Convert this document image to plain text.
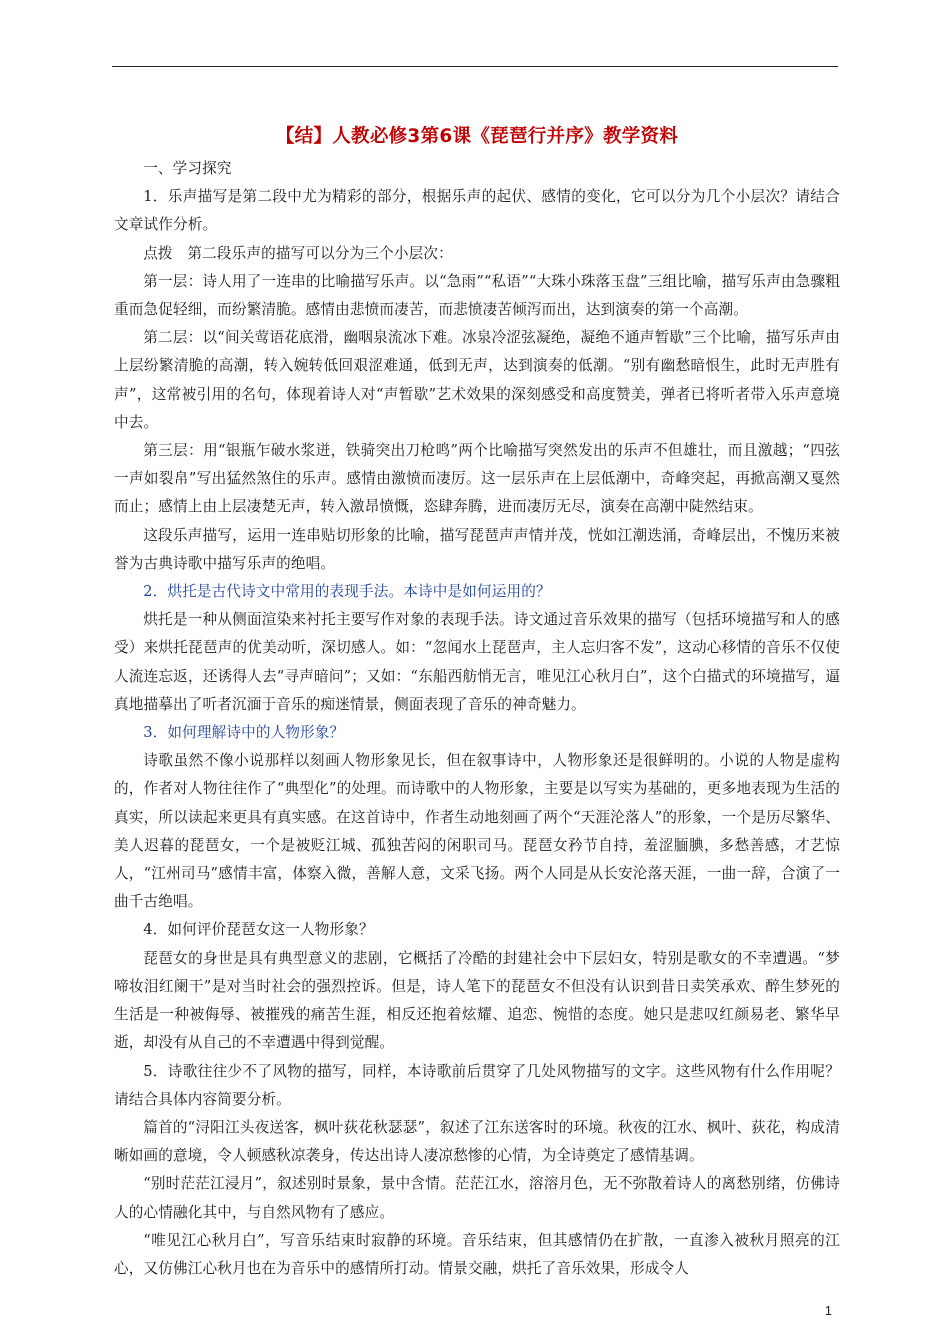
【结】人教必修3第6课《琵琶行并序》教学资料

一、学习探究

1．乐声描写是第二段中尤为精彩的部分，根据乐声的起伏、感情的变化，它可以分为几个小层次？请结合文章试作分析。

点拨　第二段乐声的描写可以分为三个小层次：

第一层：诗人用了一连串的比喻描写乐声。以“急雨”“私语”“大珠小珠落玉盘”三组比喻，描写乐声由急骤粗重而急促轻细，而纷繁清脆。感情由悲愤而凄苦，而悲愤凄苦倾泻而出，达到演奏的第一个高潮。

第二层：以“间关莺语花底滑，幽咽泉流冰下难。冰泉冷涩弦凝绝，凝绝不通声暂歇”三个比喻，描写乐声由上层纷繁清脆的高潮，转入婉转低回艰涩难通，低到无声，达到演奏的低潮。“别有幽愁暗恨生，此时无声胜有声”，这常被引用的名句，体现着诗人对“声暂歇”艺术效果的深刻感受和高度赞美，弹者已将听者带入乐声意境中去。

第三层：用“银瓶乍破水浆迸，铁骑突出刀枪鸣”两个比喻描写突然发出的乐声不但雄壮，而且激越；“四弦一声如裂帛”写出猛然煞住的乐声。感情由激愤而凄厉。这一层乐声在上层低潮中，奇峰突起，再掀高潮又戛然而止；感情上由上层凄楚无声，转入激昂愤慨，恣肆奔腾，进而凄厉无尽，演奏在高潮中陡然结束。

这段乐声描写，运用一连串贴切形象的比喻，描写琵琶声声情并茂，恍如江潮迭涌，奇峰层出，不愧历来被誉为古典诗歌中描写乐声的绝唱。

2．烘托是古代诗文中常用的表现手法。本诗中是如何运用的？

烘托是一种从侧面渲染来衬托主要写作对象的表现手法。诗文通过音乐效果的描写（包括环境描写和人的感受）来烘托琵琶声的优美动听，深切感人。如：“忽闻水上琵琶声，主人忘归客不发”，这动心移情的音乐不仅使人流连忘返，还诱得人去“寻声暗问”；又如：“东船西舫悄无言，唯见江心秋月白”，这个白描式的环境描写，逼真地描摹出了听者沉湎于音乐的痴迷情景，侧面表现了音乐的神奇魅力。

3．如何理解诗中的人物形象？

诗歌虽然不像小说那样以刻画人物形象见长，但在叙事诗中，人物形象还是很鲜明的。小说的人物是虚构的，作者对人物往往作了“典型化”的处理。而诗歌中的人物形象，主要是以写实为基础的，更多地表现为生活的真实，所以读起来更具有真实感。在这首诗中，作者生动地刻画了两个“天涯沦落人”的形象，一个是历尽繁华、美人迟暮的琵琶女，一个是被贬江城、孤独苦闷的闲职司马。琵琶女矜节自持，羞涩腼腆，多愁善感，才艺惊人，“江州司马”感情丰富，体察入微，善解人意，文采飞扬。两个人同是从长安沦落天涯，一曲一辞，合演了一曲千古绝唱。

4．如何评价琵琶女这一人物形象？

琵琶女的身世是具有典型意义的悲剧，它概括了冷酷的封建社会中下层妇女，特别是歌女的不幸遭遇。“梦啼妆泪红阑干”是对当时社会的强烈控诉。但是，诗人笔下的琵琶女不但没有认识到昔日卖笑承欢、醉生梦死的生活是一种被侮辱、被摧残的痛苦生涯，相反还抱着炫耀、追恋、惋惜的态度。她只是悲叹红颜易老、繁华早逝，却没有从自己的不幸遭遇中得到觉醒。

5．诗歌往往少不了风物的描写，同样，本诗歌前后贯穿了几处风物描写的文字。这些风物有什么作用呢？请结合具体内容简要分析。

篇首的“浔阳江头夜送客，枫叶荻花秋瑟瑟”，叙述了江东送客时的环境。秋夜的江水、枫叶、荻花，构成清晰如画的意境，令人顿感秋凉袭身，传达出诗人凄凉愁惨的心情，为全诗奠定了感情基调。

“别时茫茫江浸月”，叙述别时景象，景中含情。茫茫江水，溶溶月色，无不弥散着诗人的离愁别绪，仿佛诗人的心情融化其中，与自然风物有了感应。

“唯见江心秋月白”，写音乐结束时寂静的环境。音乐结束，但其感情仍在扩散，一直渗入被秋月照亮的江心，又仿佛江心秋月也在为音乐中的感情所打动。情景交融，烘托了音乐效果，形成令人

1
